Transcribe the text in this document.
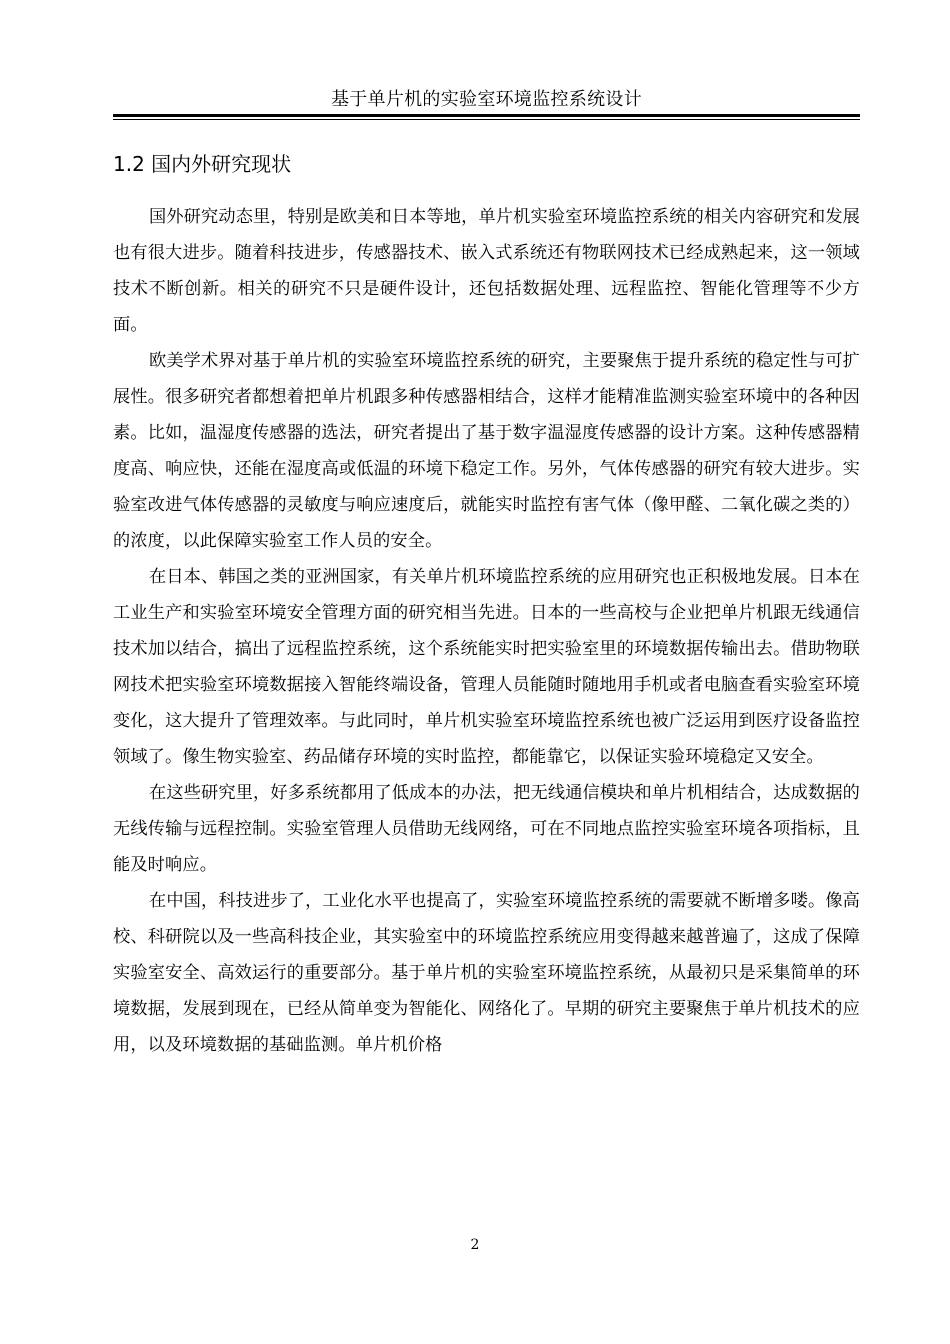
基于单片机的实验室环境监控系统设计
1.2 国内外研究现状

国外研究动态里，特别是欧美和日本等地，单片机实验室环境监控系统的相关内容研究和发展也有很大进步。随着科技进步，传感器技术、嵌入式系统还有物联网技术已经成熟起来，这一领域技术不断创新。相关的研究不只是硬件设计，还包括数据处理、远程监控、智能化管理等不少方面。

欧美学术界对基于单片机的实验室环境监控系统的研究，主要聚焦于提升系统的稳定性与可扩展性。很多研究者都想着把单片机跟多种传感器相结合，这样才能精准监测实验室环境中的各种因素。比如，温湿度传感器的选法，研究者提出了基于数字温湿度传感器的设计方案。这种传感器精度高、响应快，还能在湿度高或低温的环境下稳定工作。另外，气体传感器的研究有较大进步。实验室改进气体传感器的灵敏度与响应速度后，就能实时监控有害气体（像甲醛、二氧化碳之类的）的浓度，以此保障实验室工作人员的安全。

在日本、韩国之类的亚洲国家，有关单片机环境监控系统的应用研究也正积极地发展。日本在工业生产和实验室环境安全管理方面的研究相当先进。日本的一些高校与企业把单片机跟无线通信技术加以结合，搞出了远程监控系统，这个系统能实时把实验室里的环境数据传输出去。借助物联网技术把实验室环境数据接入智能终端设备，管理人员能随时随地用手机或者电脑查看实验室环境变化，这大提升了管理效率。与此同时，单片机实验室环境监控系统也被广泛运用到医疗设备监控领域了。像生物实验室、药品储存环境的实时监控，都能靠它，以保证实验环境稳定又安全。

在这些研究里，好多系统都用了低成本的办法，把无线通信模块和单片机相结合，达成数据的无线传输与远程控制。实验室管理人员借助无线网络，可在不同地点监控实验室环境各项指标，且能及时响应。

在中国，科技进步了，工业化水平也提高了，实验室环境监控系统的需要就不断增多喽。像高校、科研院以及一些高科技企业，其实验室中的环境监控系统应用变得越来越普遍了，这成了保障实验室安全、高效运行的重要部分。基于单片机的实验室环境监控系统，从最初只是采集简单的环境数据，发展到现在，已经从简单变为智能化、网络化了。早期的研究主要聚焦于单片机技术的应用，以及环境数据的基础监测。单片机价格

2
